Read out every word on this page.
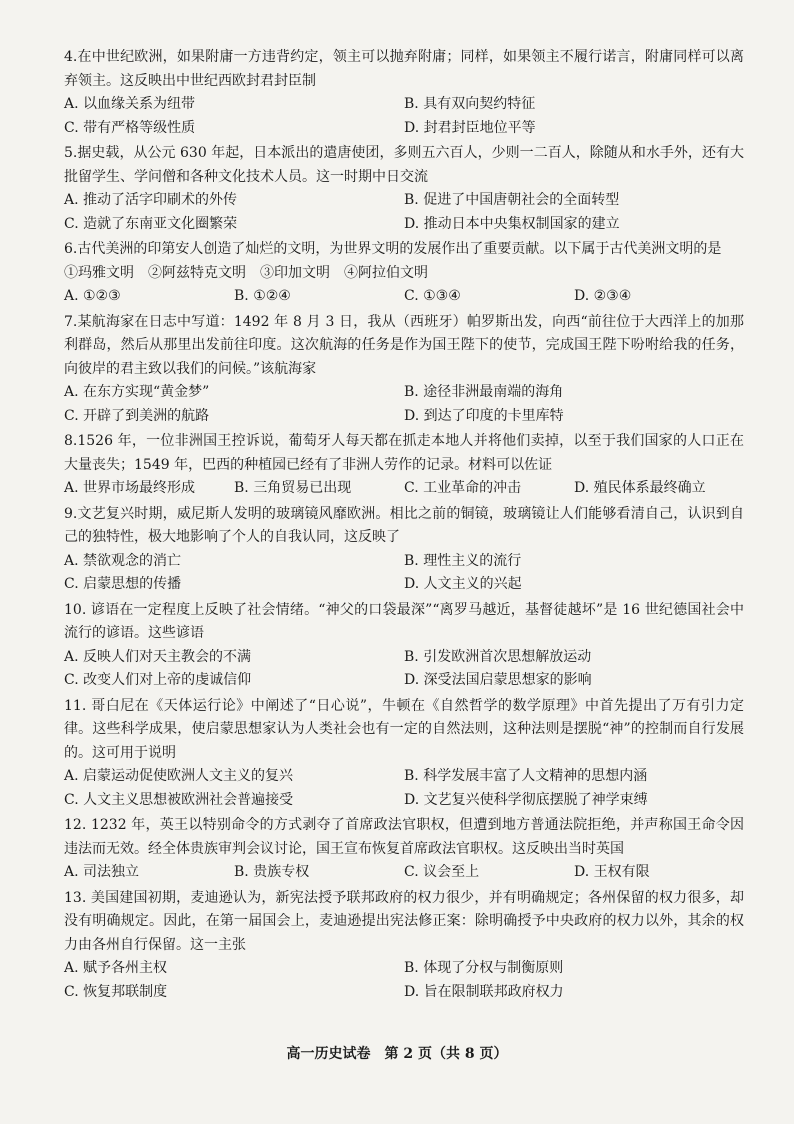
4.在中世纪欧洲，如果附庸一方违背约定，领主可以抛弃附庸；同样，如果领主不履行诺言，附庸同样可以离弃领主。这反映出中世纪西欧封君封臣制
A. 以血缘关系为纽带	B. 具有双向契约特征
C. 带有严格等级性质	D. 封君封臣地位平等
5.据史载，从公元 630 年起，日本派出的遣唐使团，多则五六百人，少则一二百人，除随从和水手外，还有大批留学生、学问僧和各种文化技术人员。这一时期中日交流
A. 推动了活字印刷术的外传	B. 促进了中国唐朝社会的全面转型
C. 造就了东南亚文化圈繁荣	D. 推动日本中央集权制国家的建立
6.古代美洲的印第安人创造了灿烂的文明，为世界文明的发展作出了重要贡献。以下属于古代美洲文明的是
①玛雅文明　②阿兹特克文明　③印加文明　④阿拉伯文明
A. ①②③	B. ①②④	C. ①③④	D. ②③④
7.某航海家在日志中写道：1492 年 8 月 3 日，我从（西班牙）帕罗斯出发，向西“前往位于大西洋上的加那利群岛，然后从那里出发前往印度。这次航海的任务是作为国王陛下的使节，完成国王陛下吩咐给我的任务，向彼岸的君主致以我们的问候。”该航海家
A. 在东方实现“黄金梦”	B. 途径非洲最南端的海角
C. 开辟了到美洲的航路	D. 到达了印度的卡里库特
8.1526 年，一位非洲国王控诉说，葡萄牙人每天都在抓走本地人并将他们卖掉，以至于我们国家的人口正在大量丧失；1549 年，巴西的种植园已经有了非洲人劳作的记录。材料可以佐证
A. 世界市场最终形成	B. 三角贸易已出现	C. 工业革命的冲击	D. 殖民体系最终确立
9.文艺复兴时期，威尼斯人发明的玻璃镜风靡欧洲。相比之前的铜镜，玻璃镜让人们能够看清自己，认识到自己的独特性，极大地影响了个人的自我认同，这反映了
A. 禁欲观念的消亡	B. 理性主义的流行
C. 启蒙思想的传播	D. 人文主义的兴起
10. 谚语在一定程度上反映了社会情绪。“神父的口袋最深”“离罗马越近，基督徒越坏”是 16 世纪德国社会中流行的谚语。这些谚语
A. 反映人们对天主教会的不满	B. 引发欧洲首次思想解放运动
C. 改变人们对上帝的虔诚信仰	D. 深受法国启蒙思想家的影响
11. 哥白尼在《天体运行论》中阐述了“日心说”，牛顿在《自然哲学的数学原理》中首先提出了万有引力定律。这些科学成果，使启蒙思想家认为人类社会也有一定的自然法则，这种法则是摆脱“神”的控制而自行发展的。这可用于说明
A. 启蒙运动促使欧洲人文主义的复兴	B. 科学发展丰富了人文精神的思想内涵
C. 人文主义思想被欧洲社会普遍接受	D. 文艺复兴使科学彻底摆脱了神学束缚
12. 1232 年，英王以特别命令的方式剥夺了首席政法官职权，但遭到地方普通法院拒绝，并声称国王命令因违法而无效。经全体贵族审判会议讨论，国王宣布恢复首席政法官职权。这反映出当时英国
A. 司法独立	B. 贵族专权	C. 议会至上	D. 王权有限
13. 美国建国初期，麦迪逊认为，新宪法授予联邦政府的权力很少，并有明确规定；各州保留的权力很多，却没有明确规定。因此，在第一届国会上，麦迪逊提出宪法修正案：除明确授予中央政府的权力以外，其余的权力由各州自行保留。这一主张
A. 赋予各州主权	B. 体现了分权与制衡原则
C. 恢复邦联制度	D. 旨在限制联邦政府权力
高一历史试卷　第 2 页（共 8 页）
